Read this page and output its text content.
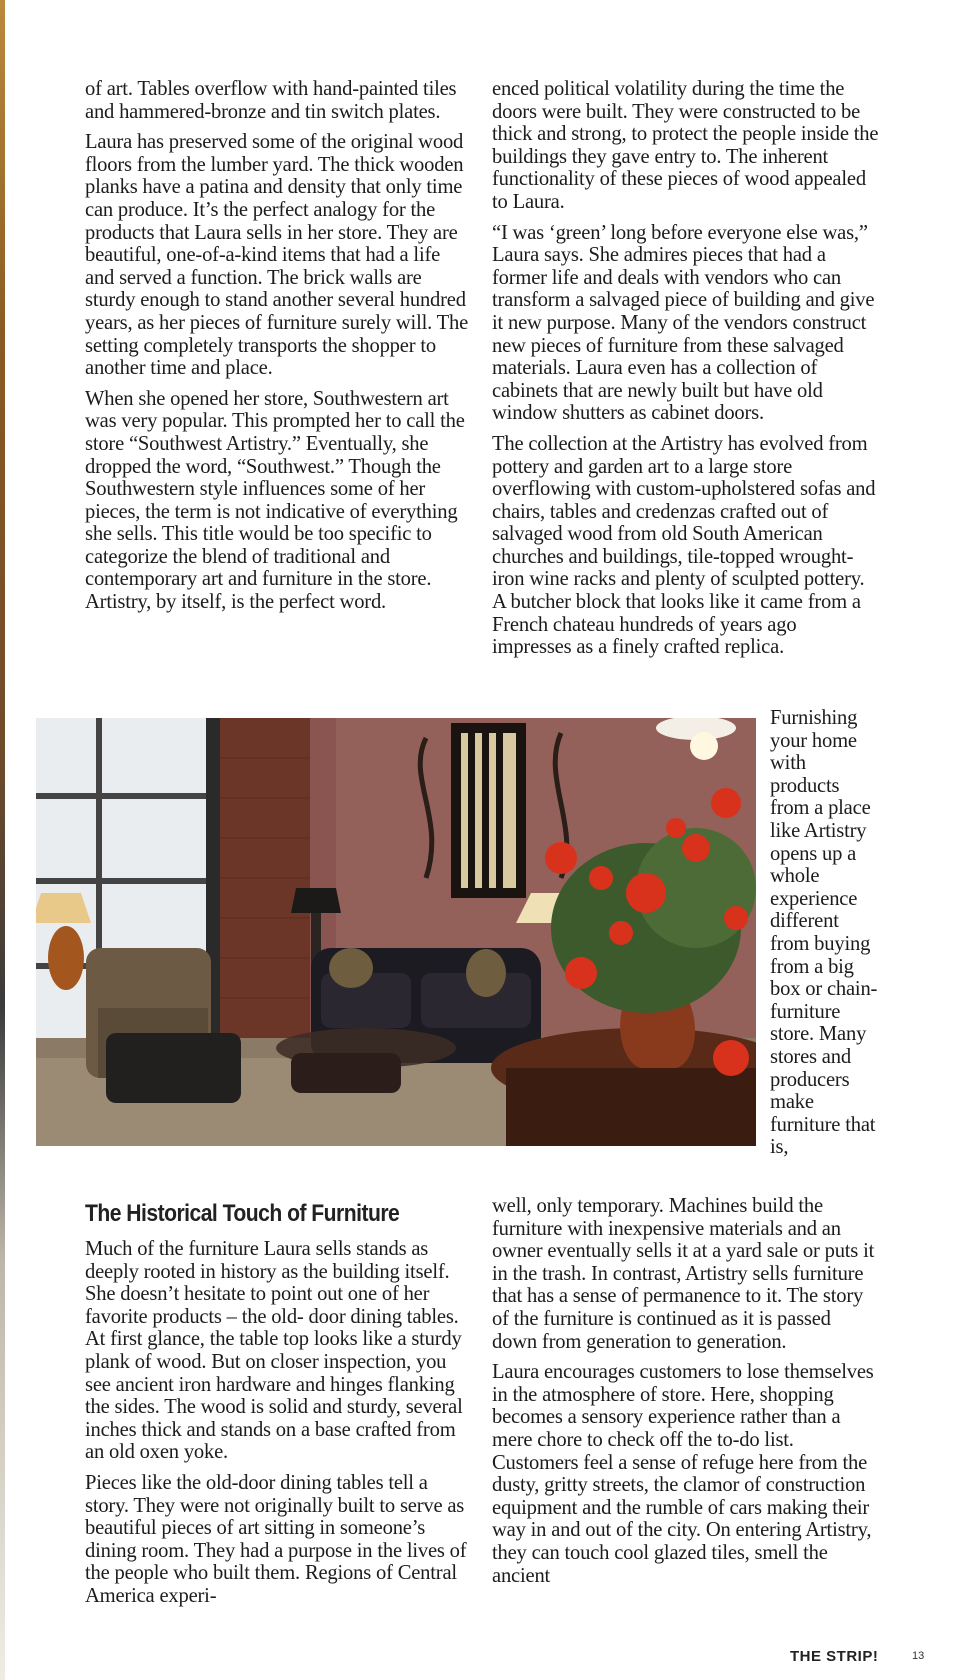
of art. Tables overflow with hand-painted tiles and hammered-bronze and tin switch plates.

Laura has preserved some of the original wood floors from the lumber yard. The thick wooden planks have a patina and density that only time can produce. It’s the perfect analogy for the products that Laura sells in her store. They are beautiful, one-of-a-kind items that had a life and served a function. The brick walls are sturdy enough to stand another several hundred years, as her pieces of furniture surely will. The setting completely transports the shopper to another time and place.

When she opened her store, Southwestern art was very popular. This prompted her to call the store “Southwest Artistry.” Eventually, she dropped the word, “Southwest.” Though the Southwestern style influences some of her pieces, the term is not indicative of everything she sells. This title would be too specific to categorize the blend of traditional and contemporary art and furniture in the store. Artistry, by itself, is the perfect word.

enced political volatility during the time the doors were built. They were constructed to be thick and strong, to protect the people inside the buildings they gave entry to. The inherent functionality of these pieces of wood appealed to Laura.

“I was ‘green’ long before everyone else was,” Laura says. She admires pieces that had a former life and deals with vendors who can transform a salvaged piece of building and give it new purpose. Many of the vendors construct new pieces of furniture from these salvaged materials. Laura even has a collection of cabinets that are newly built but have old window shutters as cabinet doors.

The collection at the Artistry has evolved from pottery and garden art to a large store overflowing with custom-upholstered sofas and chairs, tables and credenzas crafted out of salvaged wood from old South American churches and buildings, tile-topped wrought-iron wine racks and plenty of sculpted pottery. A butcher block that looks like it came from a French chateau hundreds of years ago impresses as a finely crafted replica.

Furnishing your home with products from a place like Artistry opens up a whole experience different from buying from a big box or chain-furniture store. Many stores and producers make furniture that is,

The Historical Touch of Furniture

Much of the furniture Laura sells stands as deeply rooted in history as the building itself. She doesn’t hesitate to point out one of her favorite products – the old- door dining tables. At first glance, the table top looks like a sturdy plank of wood. But on closer inspection, you see ancient iron hardware and hinges flanking the sides. The wood is solid and sturdy, several inches thick and stands on a base crafted from an old oxen yoke.

Pieces like the old-door dining tables tell a story. They were not originally built to serve as beautiful pieces of art sitting in someone’s dining room. They had a purpose in the lives of the people who built them. Regions of Central America experi-

well, only temporary. Machines build the furniture with inexpensive materials and an owner eventually sells it at a yard sale or puts it in the trash. In contrast, Artistry sells furniture that has a sense of permanence to it. The story of the furniture is continued as it is passed down from generation to generation.

Laura encourages customers to lose themselves in the atmosphere of store. Here, shopping becomes a sensory experience rather than a mere chore to check off the to-do list. Customers feel a sense of refuge here from the dusty, gritty streets, the clamor of construction equipment and the rumble of cars making their way in and out of the city. On entering Artistry, they can touch cool glazed tiles, smell the ancient

THE STRIP!	13
